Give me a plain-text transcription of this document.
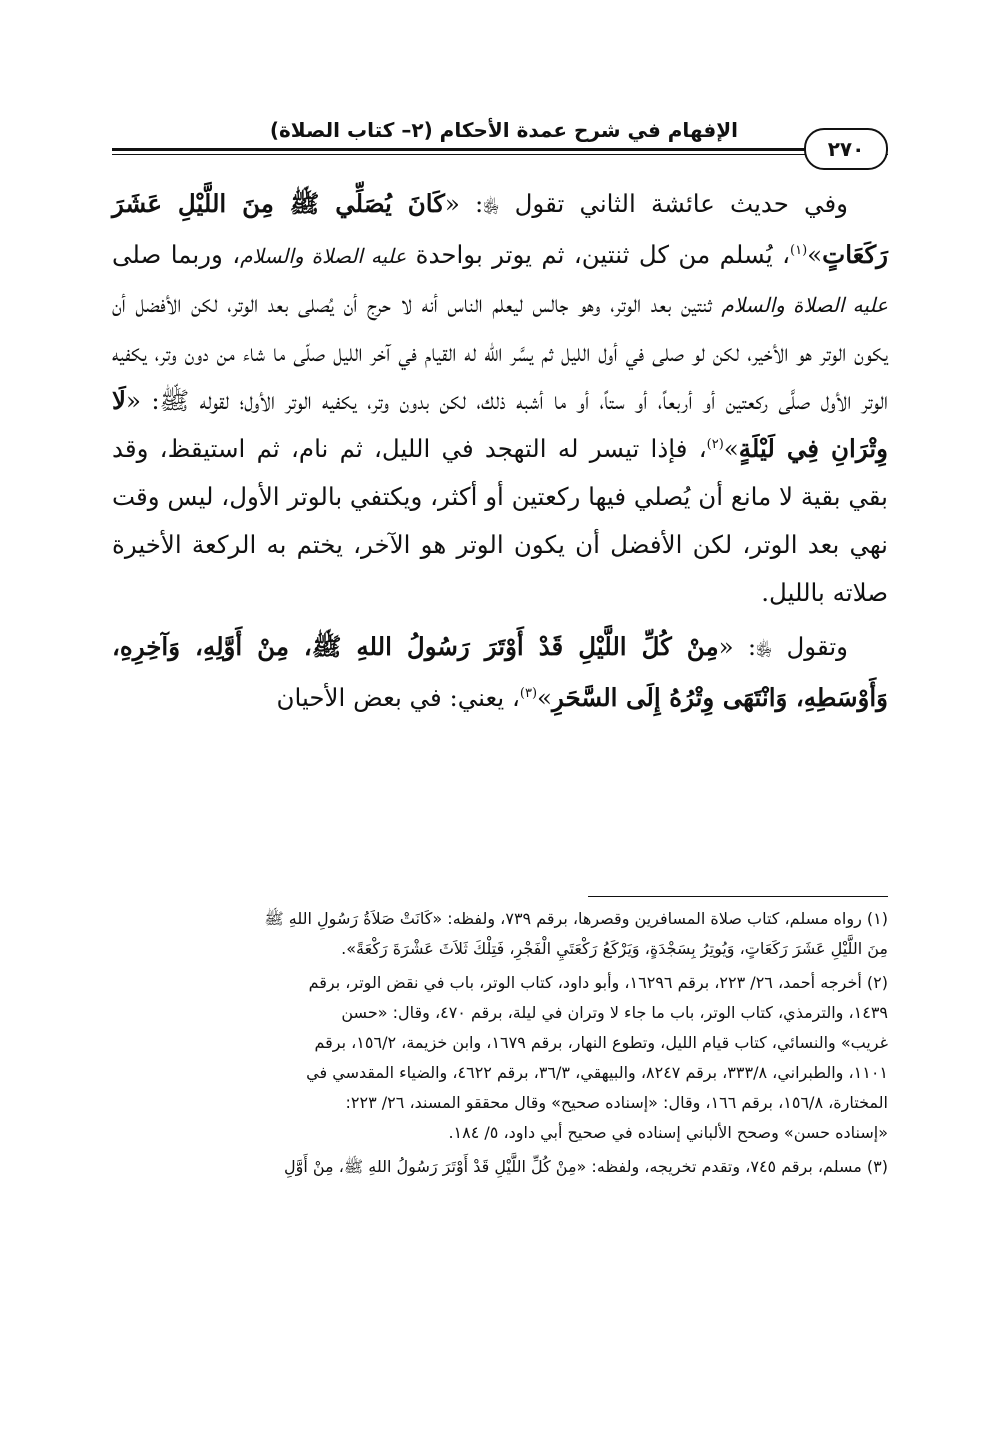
الإفهام في شرح عمدة الأحكام (٢– كتاب الصلاة)
٢٧٠

وفي حديث عائشة الثاني تقول ﵂: «كَانَ يُصَلِّي ﷺ مِنَ اللَّيْلِ عَشَرَ رَكَعَاتٍ»$^{(١)}$، يُسلم من كل ثنتين، ثم يوتر بواحدة عليه الصلاة والسلام، وربما صلى عليه الصلاة والسلام ثنتين بعد الوتر، وهو جالس ليعلم الناس أنه لا حرج أن يُصلى بعد الوتر، لكن الأفضل أن يكون الوتر هو الأخير، لكن لو صلى في أول الليل ثم يسَّر الله له القيام في آخر الليل صلّى ما شاء من دون وتر، يكفيه الوتر الأول صلَّى ركعتين أو أربعاً، أو ستاً، أو ما أشبه ذلك، لكن بدون وتر، يكفيه الوتر الأول؛ لقوله ﷺ: «لَا وِتْرَانِ فِي لَيْلَةٍ»$^{(٢)}$، فإذا تيسر له التهجد في الليل، ثم نام، ثم استيقظ، وقد بقي بقية لا مانع أن يُصلي فيها ركعتين أو أكثر، ويكتفي بالوتر الأول، ليس وقت نهي بعد الوتر، لكن الأفضل أن يكون الوتر هو الآخر، يختم به الركعة الأخيرة صلاته بالليل.

وتقول ﵂: «مِنْ كُلِّ اللَّيْلِ قَدْ أَوْتَرَ رَسُولُ اللهِ ﷺ، مِنْ أَوَّلِهِ، وَآخِرِهِ، وَأَوْسَطِهِ، وَانْتَهَى وِتْرُهُ إِلَى السَّحَرِ»$^{(٣)}$، يعني: في بعض الأحيان

(١) رواه مسلم، كتاب صلاة المسافرين وقصرها، برقم ٧٣٩، ولفظه: «كَانَتْ صَلاَةُ رَسُولِ اللهِ ﷺ
مِنَ اللَّيْلِ عَشَرَ رَكَعَاتٍ، وَيُوتِرُ بِسَجْدَةٍ، وَيَرْكَعُ رَكْعَتَيِ الْفَجْرِ، فَتِلْكَ ثَلاَثَ عَشْرَةَ رَكْعَةً».
(٢) أخرجه أحمد، ٢٦/ ٢٢٣، برقم ١٦٢٩٦، وأبو داود، كتاب الوتر، باب في نقض الوتر، برقم
١٤٣٩، والترمذي، كتاب الوتر، باب ما جاء لا وتران في ليلة، برقم ٤٧٠، وقال: «حسن
غريب» والنسائي، كتاب قيام الليل، وتطوع النهار، برقم ١٦٧٩، وابن خزيمة، ١٥٦/٢، برقم
١١٠١، والطبراني، ٣٣٣/٨، برقم ٨٢٤٧، والبيهقي، ٣٦/٣، برقم ٤٦٢٢، والضياء المقدسي في
المختارة، ١٥٦/٨، برقم ١٦٦، وقال: «إسناده صحيح» وقال محققو المسند، ٢٦/ ٢٢٣:
«إسناده حسن» وصحح الألباني إسناده في صحيح أبي داود، ٥/ ١٨٤.
(٣) مسلم، برقم ٧٤٥، وتقدم تخريجه، ولفظه: «مِنْ كُلِّ اللَّيْلِ قَدْ أَوْتَرَ رَسُولُ اللهِ ﷺ، مِنْ أَوَّلِ
